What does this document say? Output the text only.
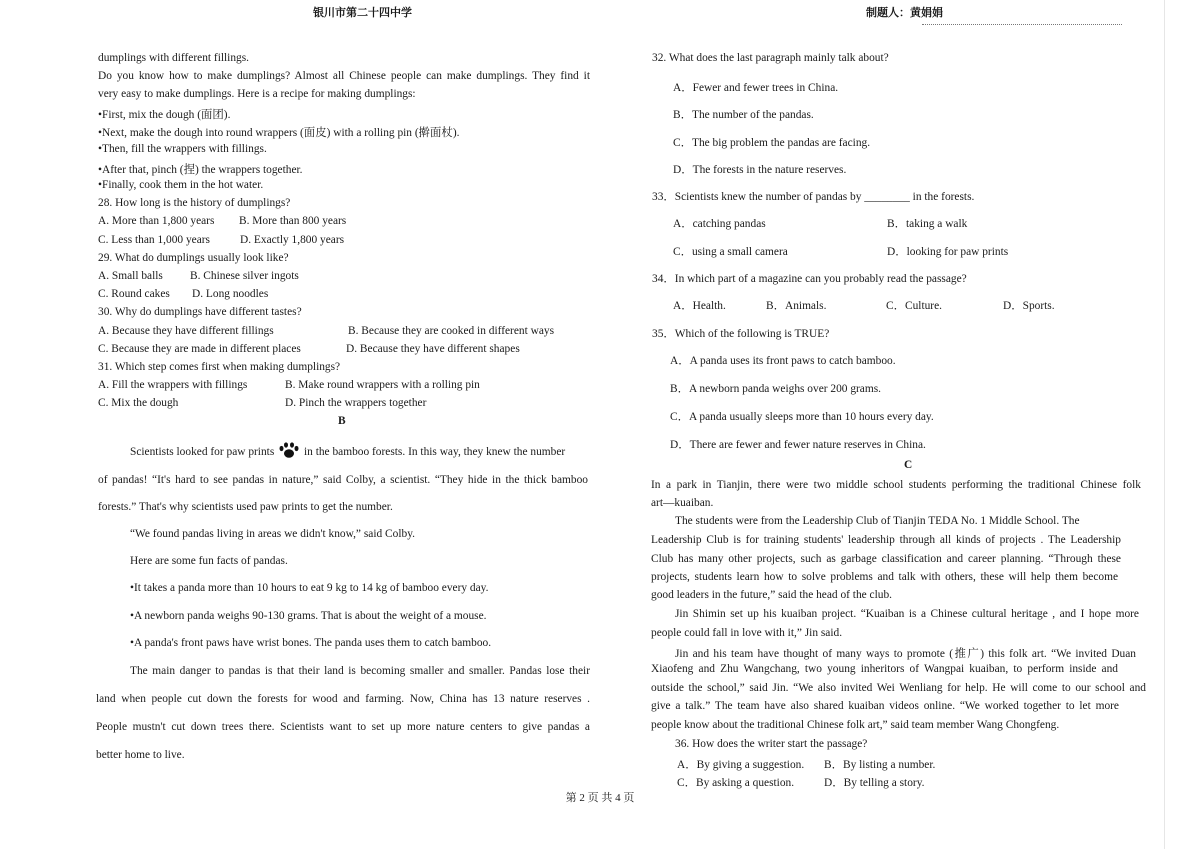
银川市第二十四中学	制题人：黄娟娟
dumplings with different fillings.
Do you know how to make dumplings? Almost all Chinese people can make dumplings. They find it
very easy to make dumplings. Here is a recipe for making dumplings:
•First, mix the dough (面团).
•Next, make the dough into round wrappers (面皮) with a rolling pin (擀面杖).
•Then, fill the wrappers with fillings.
•After that, pinch (捏) the wrappers together.
•Finally, cook them in the hot water.
28. How long is the history of dumplings?
A. More than 1,800 years B. More than 800 years
C. Less than 1,000 years	D. Exactly 1,800 years
29. What do dumplings usually look like?
A. Small balls B. Chinese silver ingots
C. Round cakes D. Long noodles
30. Why do dumplings have different tastes?
A. Because they have different fillings	B. Because they are cooked in different ways
C. Because they are made in different places	D. Because they have different shapes
31. Which step comes first when making dumplings?
A. Fill the wrappers with fillings	B. Make round wrappers with a rolling pin
C. Mix the dough	D. Pinch the wrappers together
B
Scientists looked for paw prints	in the bamboo forests. In this way, they knew the number
of pandas! “It's hard to see pandas in nature,” said Colby, a scientist. “They hide in the thick bamboo
forests.” That's why scientists used paw prints to get the number.
“We found pandas living in areas we didn't know,” said Colby.
Here are some fun facts of pandas.
•It takes a panda more than 10 hours to eat 9 kg to 14 kg of bamboo every day.
•A newborn panda weighs 90-130 grams. That is about the weight of a mouse.
•A panda's front paws have wrist bones. The panda uses them to catch bamboo.
The main danger to pandas is that their land is becoming smaller and smaller. Pandas lose their
land when people cut down the forests for wood and farming. Now, China has 13 nature reserves .
People mustn't cut down trees there. Scientists want to set up more nature centers to give pandas a
better home to live.
32. What does the last paragraph mainly talk about?
A．Fewer and fewer trees in China.
B．The number of the pandas.
C．The big problem the pandas are facing.
D．The forests in the nature reserves.
33．Scientists knew the number of pandas by ________ in the forests.
A．catching pandas	B．taking a walk
C．using a small camera	D．looking for paw prints
34．In which part of a magazine can you probably read the passage?
A．Health.	B．Animals.	C．Culture.	D．Sports.
35．Which of the following is TRUE?
A．A panda uses its front paws to catch bamboo.
B．A newborn panda weighs over 200 grams.
C．A panda usually sleeps more than 10 hours every day.
D．There are fewer and fewer nature reserves in China.
C
In a park in Tianjin, there were two middle school students performing the traditional Chinese folk
art—kuaiban.
The students were from the Leadership Club of Tianjin TEDA No. 1 Middle School. The
Leadership Club is for training students' leadership through all kinds of projects . The Leadership
Club has many other projects, such as garbage classification and career planning. “Through these
projects, students learn how to solve problems and talk with others, these will help them become
good leaders in the future,” said the head of the club.
Jin Shimin set up his kuaiban project. “Kuaiban is a Chinese cultural heritage , and I hope more
people could fall in love with it,” Jin said.
Jin and his team have thought of many ways to promote (推广) this folk art. “We invited Duan
Xiaofeng and Zhu Wangchang, two young inheritors of Wangpai kuaiban, to perform inside and
outside the school,” said Jin. “We also invited Wei Wenliang for help. He will come to our school and
give a talk.” The team have also shared kuaiban videos online. “We worked together to let more
people know about the traditional Chinese folk art,” said team member Wang Chongfeng.
36. How does the writer start the passage?
A．By giving a suggestion. B．By listing a number.
C．By asking a question.	D．By telling a story.
第 2 页 共 4 页
